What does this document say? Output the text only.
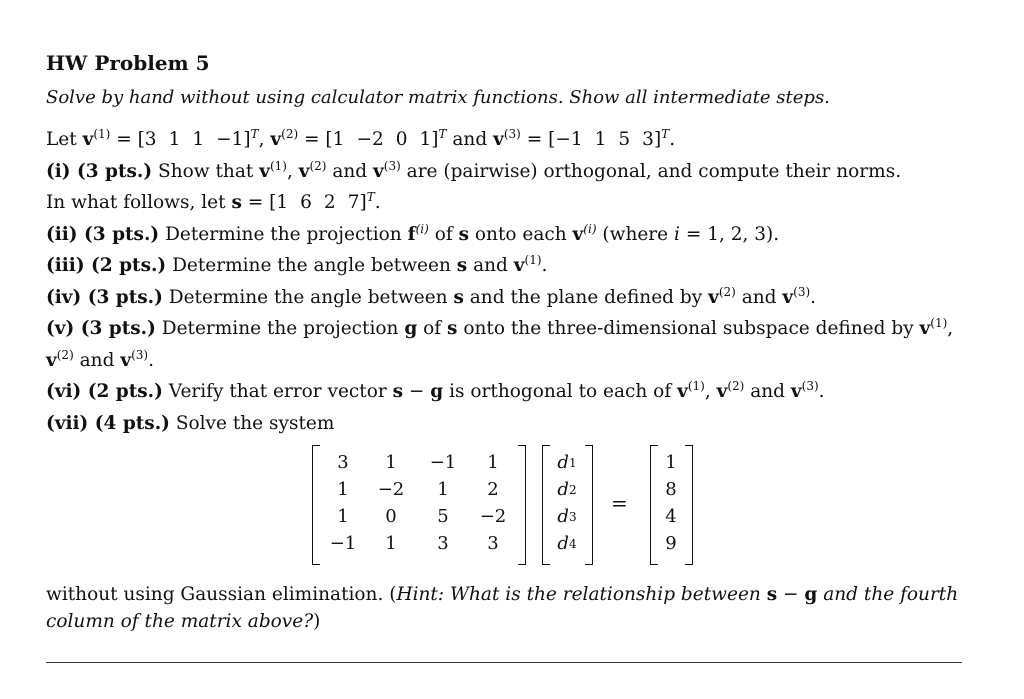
HW Problem 5
Solve by hand without using calculator matrix functions. Show all intermediate steps.
Let $v^{(1)} = [3$ 1 1 −1]$^T$, $v^{(2)} = [1 -2$ 0 1]$^T$ and $v^{(3)} = [-1$ 1 5 3]$^T$.
(i) (3 pts.) Show that $v^{(1)}$, $v^{(2)}$ and $v^{(3)}$ are (pairwise) orthogonal, and compute their norms.
In what follows, let s = [1 6 2 7]$^T$.
(ii) (3 pts.) Determine the projection $f^{(i)}$ of s onto each $v^{(i)}$ (where i = 1, 2, 3).
(iii) (2 pts.) Determine the angle between s and $v^{(1)}$.
(iv) (3 pts.) Determine the angle between s and the plane defined by $v^{(2)}$ and $v^{(3)}$.
(v) (3 pts.) Determine the projection g of s onto the three-dimensional subspace defined by $v^{(1)}$,
$v^{(2)}$ and $v^{(3)}$.
(vi) (2 pts.) Verify that error vector s − g is orthogonal to each of $v^{(1)}$, $v^{(2)}$ and $v^{(3)}$.
(vii) (4 pts.) Solve the system
3	1	−1	1
1	−2	1	2
1	0	5	−2
−1	1	3	3
d 1
d 2
d 3
d 4
=
1
8
4
9
without using Gaussian elimination. (Hint: What is the relationship between s − g and the fourth
column of the matrix above?)
